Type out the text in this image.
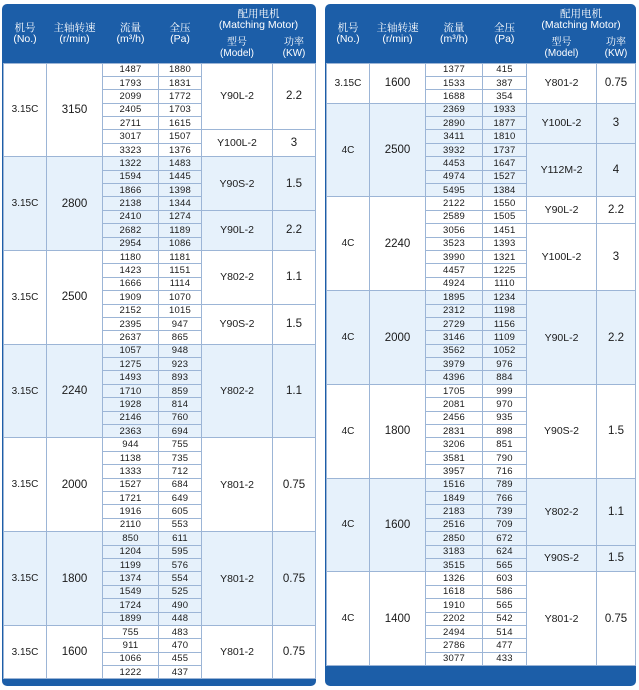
机号
(No.)	主轴转速
(r/min)	流量
(m³/h)	全压
(Pa)	配用电机
(Matching Motor)	
				型号
(Model)	功率
(KW)
3.15C	3150	1487	1880	Y90L-2	2.2
		1793	1831		
		2099	1772		
		2405	1703		
		2711	1615		
		3017	1507	Y100L-2	3
		3323	1376		
3.15C	2800	1322	1483	Y90S-2	1.5
		1594	1445		
		1866	1398		
		2138	1344		
		2410	1274	Y90L-2	2.2
		2682	1189		
		2954	1086		
3.15C	2500	1180	1181	Y802-2	1.1
		1423	1151		
		1666	1114		
		1909	1070		
		2152	1015	Y90S-2	1.5
		2395	947		
		2637	865		
3.15C	2240	1057	948	Y802-2	1.1
		1275	923		
		1493	893		
		1710	859		
		1928	814		
		2146	760		
		2363	694		
3.15C	2000	944	755	Y801-2	0.75
		1138	735		
		1333	712		
		1527	684		
		1721	649		
		1916	605		
		2110	553		
3.15C	1800	850	611	Y801-2	0.75
		1204	595		
		1199	576		
		1374	554		
		1549	525		
		1724	490		
		1899	448		
3.15C	1600	755	483	Y801-2	0.75
		911	470		
		1066	455		
		1222	437		
机号
(No.)	主轴转速
(r/min)	流量
(m³/h)	全压
(Pa)	配用电机
(Matching Motor)	
				型号
(Model)	功率
(KW)
3.15C	1600	1377	415	Y801-2	0.75
		1533	387		
		1688	354		
4C	2500	2369	1933	Y100L-2	3
		2890	1877		
		3411	1810		
		3932	1737	Y112M-2	4
		4453	1647		
		4974	1527		
		5495	1384		
4C	2240	2122	1550	Y90L-2	2.2
		2589	1505		
		3056	1451	Y100L-2	3
		3523	1393		
		3990	1321		
		4457	1225		
		4924	1110		
4C	2000	1895	1234	Y90L-2	2.2
		2312	1198		
		2729	1156		
		3146	1109		
		3562	1052		
		3979	976		
		4396	884		
4C	1800	1705	999	Y90S-2	1.5
		2081	970		
		2456	935		
		2831	898		
		3206	851		
		3581	790		
		3957	716		
4C	1600	1516	789	Y802-2	1.1
		1849	766		
		2183	739		
		2516	709		
		2850	672		
		3183	624	Y90S-2	1.5
		3515	565		
4C	1400	1326	603	Y801-2	0.75
		1618	586		
		1910	565		
		2202	542		
		2494	514		
		2786	477		
		3077	433		
